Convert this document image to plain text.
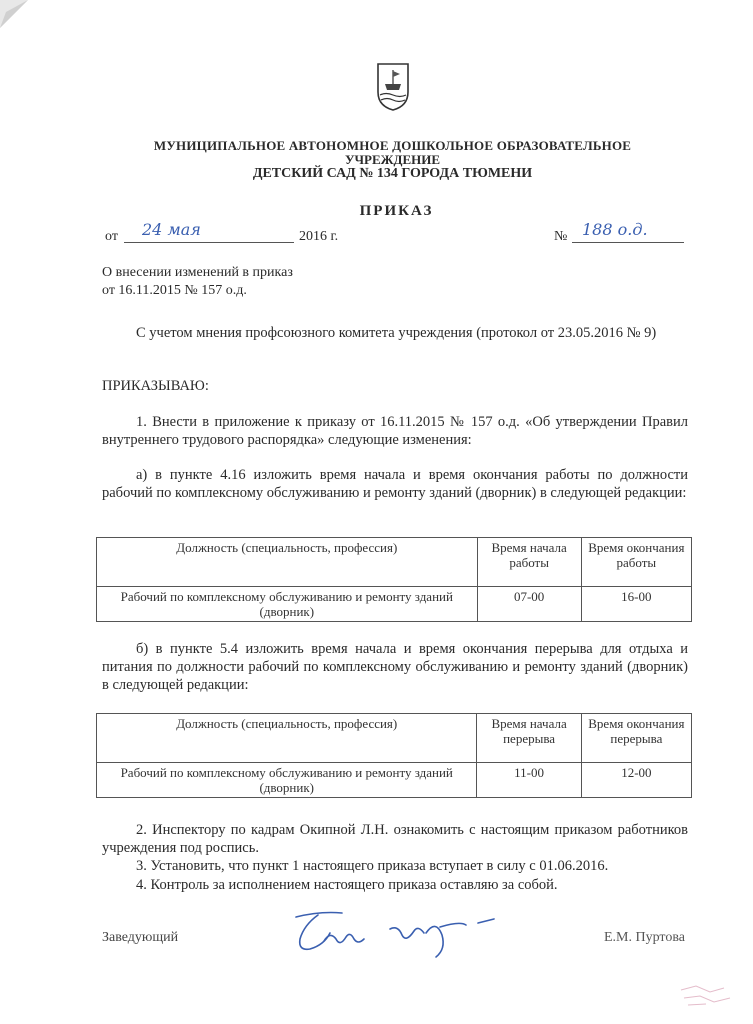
МУНИЦИПАЛЬНОЕ АВТОНОМНОЕ ДОШКОЛЬНОЕ ОБРАЗОВАТЕЛЬНОЕ
УЧРЕЖДЕНИЕ
ДЕТСКИЙ САД № 134 ГОРОДА ТЮМЕНИ
ПРИКАЗ
от 24 мая	2016 г.	№ 188 о.д.
О внесении изменений в приказ
от 16.11.2015 № 157 о.д.
С учетом мнения профсоюзного комитета учреждения (протокол от 23.05.2016 № 9)
ПРИКАЗЫВАЮ:
1. Внести в приложение к приказу от 16.11.2015 № 157 о.д. «Об утверждении Правил внутреннего трудового распорядка» следующие изменения:
а) в пункте 4.16 изложить время начала и время окончания работы по должности рабочий по комплексному обслуживанию и ремонту зданий (дворник) в следующей редакции:
Должность (специальность, профессия)	Время начала работы	Время окончания работы
Рабочий по комплексному обслуживанию и ремонту зданий (дворник)	07-00	16-00
б) в пункте 5.4 изложить время начала и время окончания перерыва для отдыха и питания по должности рабочий по комплексному обслуживанию и ремонту зданий (дворник) в следующей редакции:
Должность (специальность, профессия)	Время начала перерыва	Время окончания перерыва
Рабочий по комплексному обслуживанию и ремонту зданий (дворник)	11-00	12-00
2. Инспектору по кадрам Окипной Л.Н. ознакомить с настоящим приказом работников учреждения под роспись.
3. Установить, что пункт 1 настоящего приказа вступает в силу с 01.06.2016.
4. Контроль за исполнением настоящего приказа оставляю за собой.
Заведующий	Е.М. Пуртова
